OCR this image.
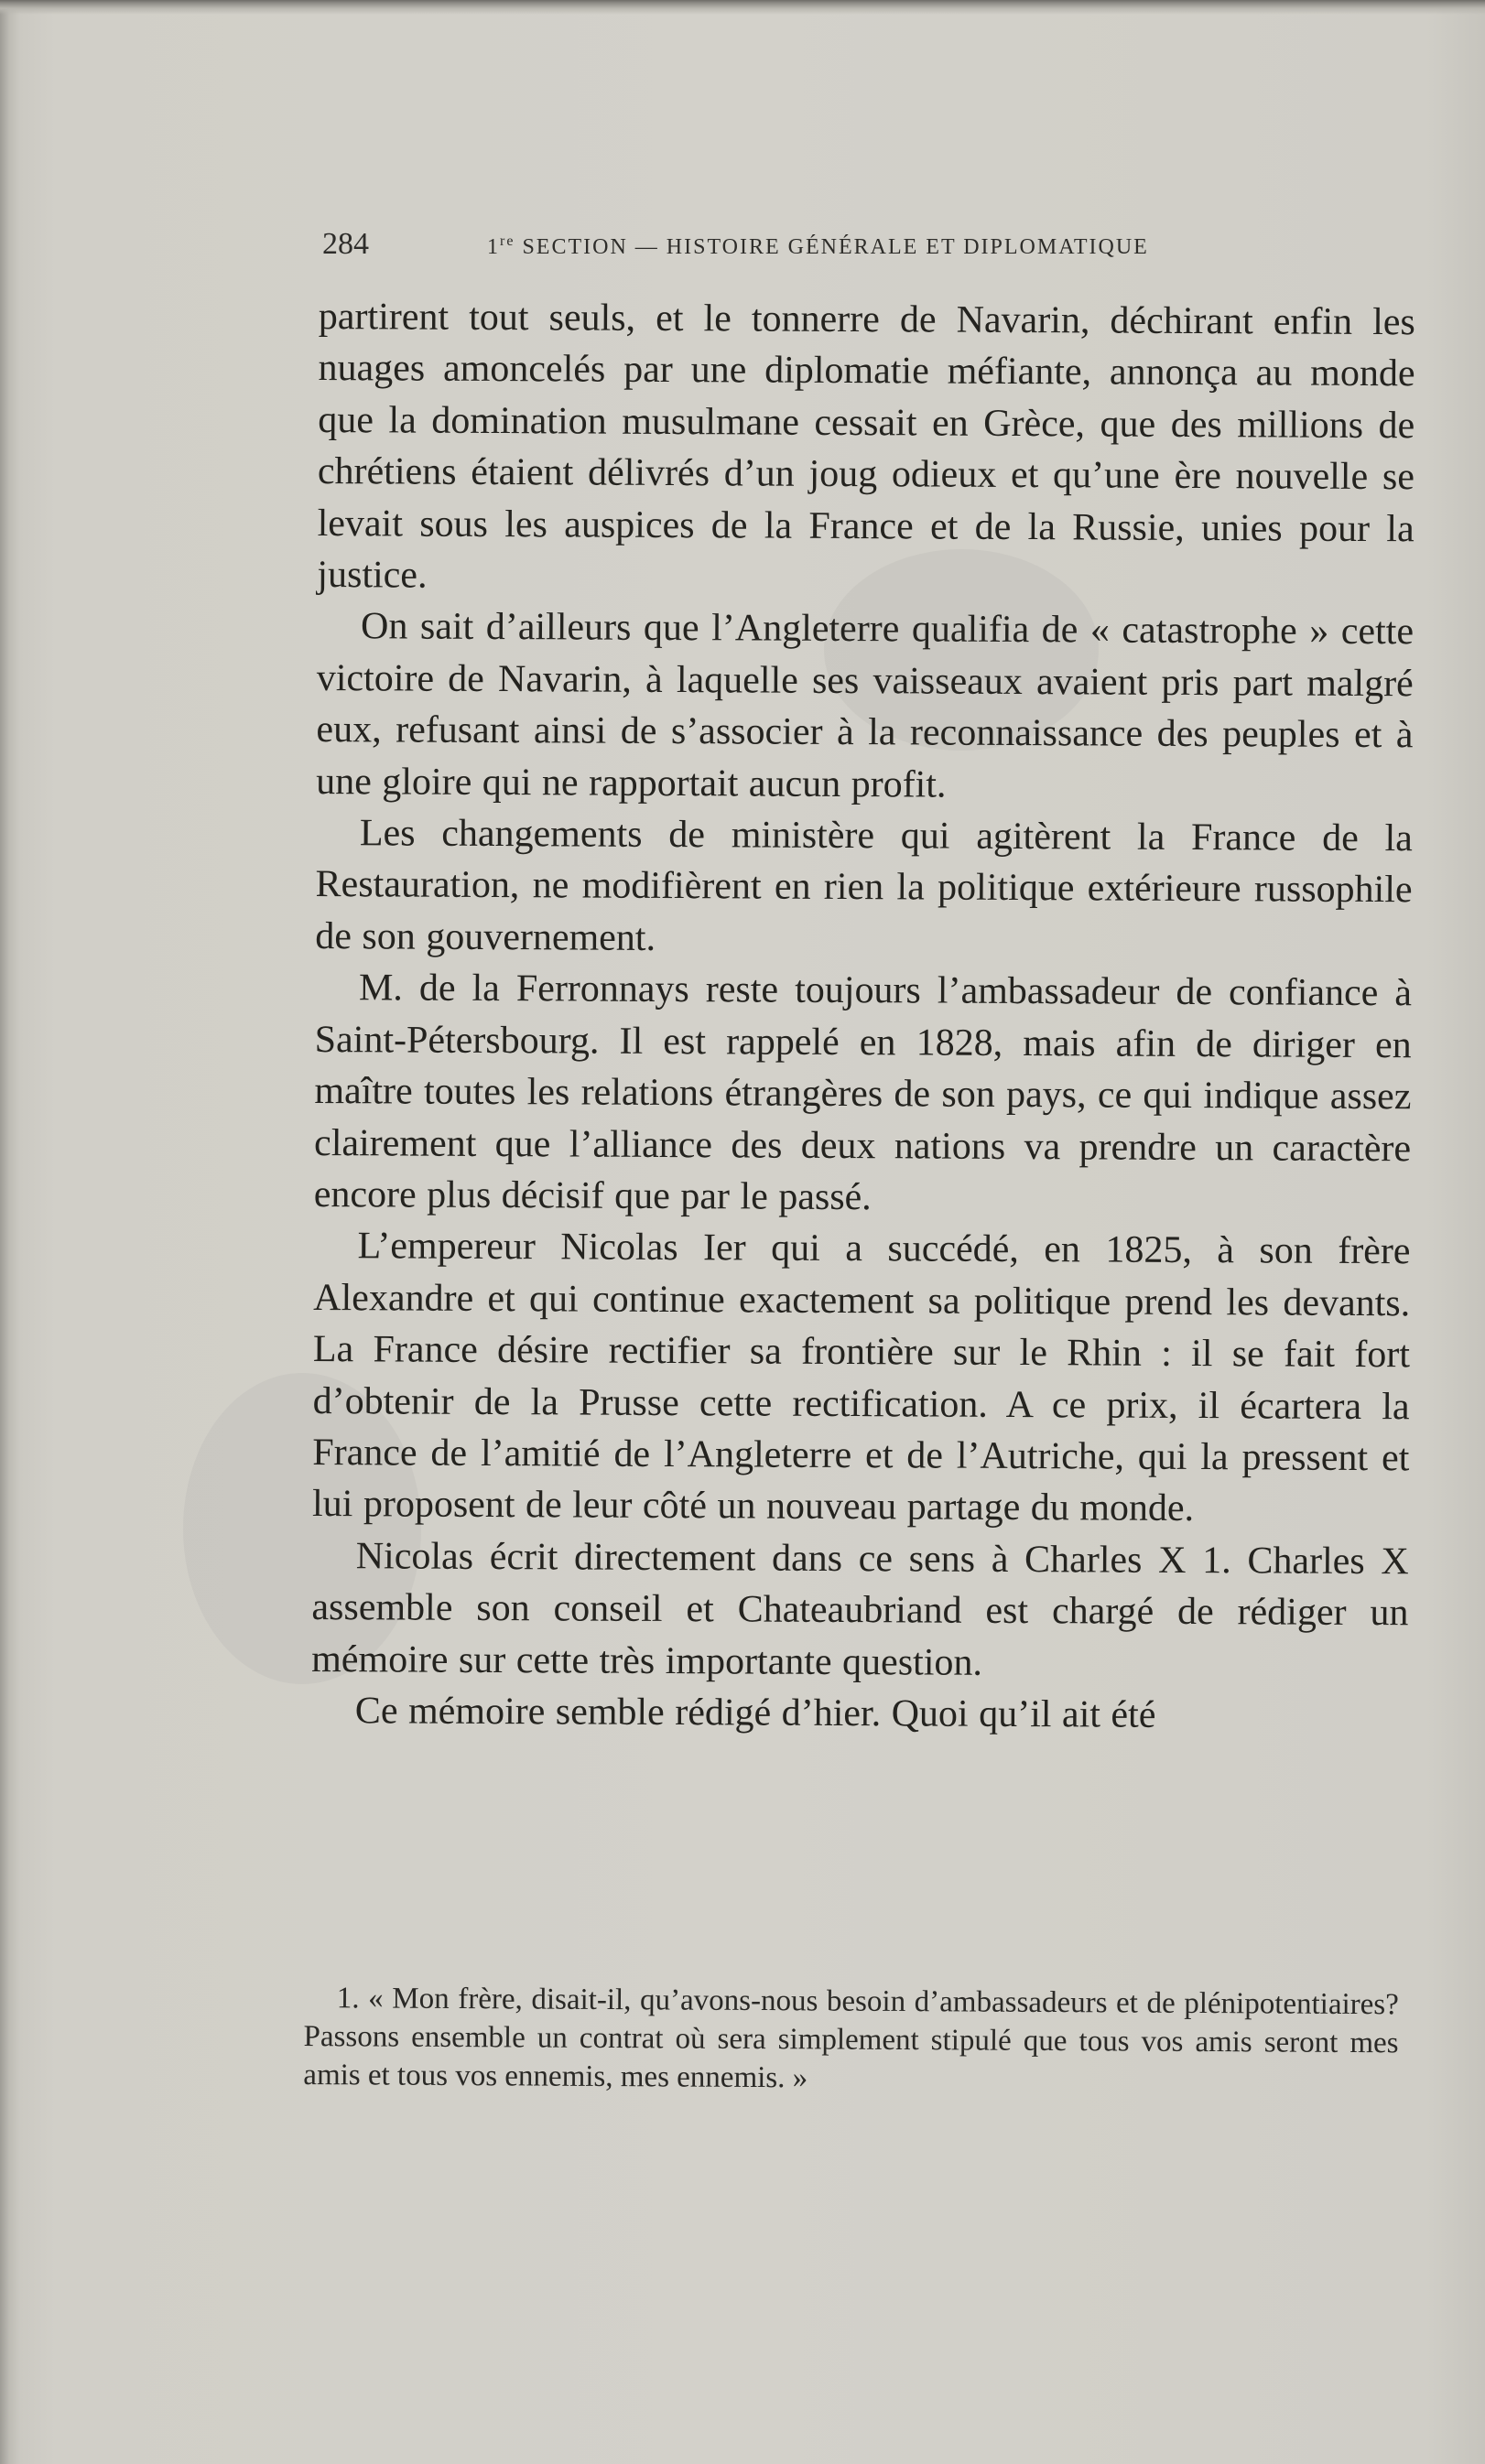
284	1re SECTION — HISTOIRE GÉNÉRALE ET DIPLOMATIQUE

partirent tout seuls, et le tonnerre de Navarin, déchirant enfin les nuages amoncelés par une diplomatie méfiante, annonça au monde que la domination musulmane cessait en Grèce, que des millions de chrétiens étaient délivrés d’un joug odieux et qu’une ère nouvelle se levait sous les auspices de la France et de la Russie, unies pour la justice.

On sait d’ailleurs que l’Angleterre qualifia de « catastrophe » cette victoire de Navarin, à laquelle ses vaisseaux avaient pris part malgré eux, refusant ainsi de s’associer à la reconnaissance des peuples et à une gloire qui ne rapportait aucun profit.

Les changements de ministère qui agitèrent la France de la Restauration, ne modifièrent en rien la politique extérieure russophile de son gouvernement.

M. de la Ferronnays reste toujours l’ambassadeur de confiance à Saint-Pétersbourg. Il est rappelé en 1828, mais afin de diriger en maître toutes les relations étrangères de son pays, ce qui indique assez clairement que l’alliance des deux nations va prendre un caractère encore plus décisif que par le passé.

L’empereur Nicolas Ier qui a succédé, en 1825, à son frère Alexandre et qui continue exactement sa politique prend les devants. La France désire rectifier sa frontière sur le Rhin : il se fait fort d’obtenir de la Prusse cette rectification. A ce prix, il écartera la France de l’amitié de l’Angleterre et de l’Autriche, qui la pressent et lui proposent de leur côté un nouveau partage du monde.

Nicolas écrit directement dans ce sens à Charles X 1. Charles X assemble son conseil et Chateaubriand est chargé de rédiger un mémoire sur cette très importante question.

Ce mémoire semble rédigé d’hier. Quoi qu’il ait été

1. « Mon frère, disait-il, qu’avons-nous besoin d’ambassadeurs et de plénipotentiaires? Passons ensemble un contrat où sera simplement stipulé que tous vos amis seront mes amis et tous vos ennemis, mes ennemis. »
